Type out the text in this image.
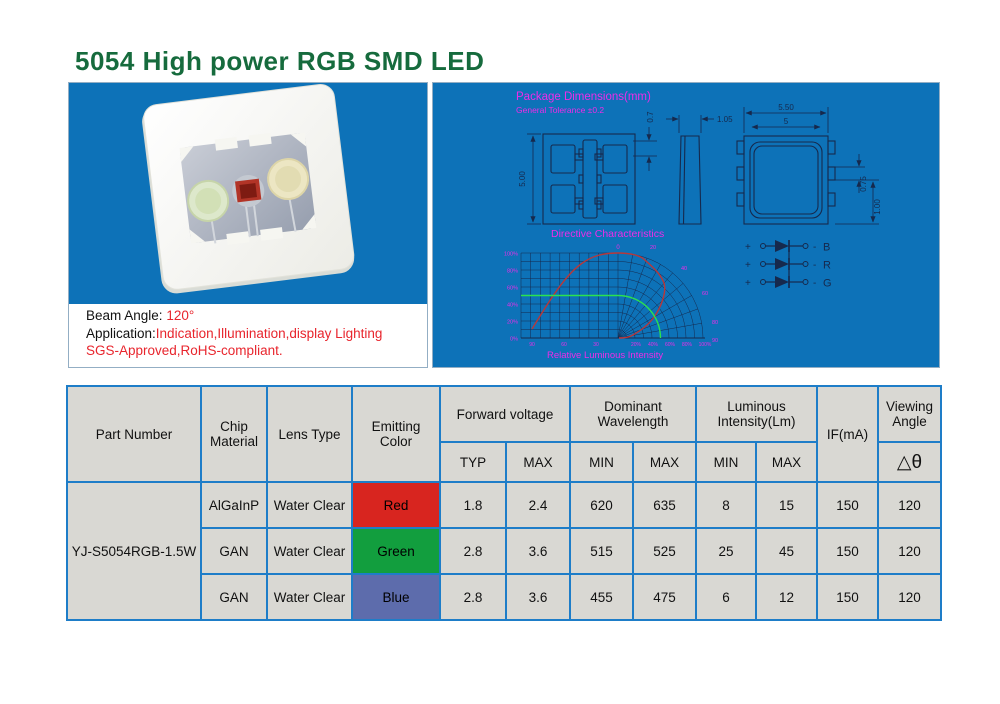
5054 High power RGB SMD LED
Beam Angle: 120°
Application:Indication,Illumination,display Lighting
SGS-Approved,RoHS-compliant.
Package Dimensions(mm)
General Tolerance ±0.2
5.00
0.7	1.05
5.50
5
0.75
1.00
Directive Characteristics
0
100%
80%
60%
40%
20%
0%
20
40
60
80
90
90	60	30	20% 40% 60% 80% 100%
Relative Luminous Intensity
+	- B
+	- R
+	- G
Part Number	Chip Material	Lens Type	Emitting Color	Forward voltage		Dominant Wavelength		Luminous Intensity(Lm)		IF(mA)	Viewing Angle
				TYP	MAX	MIN	MAX	MIN	MAX		△θ
YJ-S5054RGB-1.5W	AlGaInP	Water Clear	Red	1.8	2.4	620	635	8	15	150	120
	GAN	Water Clear	Green	2.8	3.6	515	525	25	45	150	120
	GAN	Water Clear	Blue	2.8	3.6	455	475	6	12	150	120
